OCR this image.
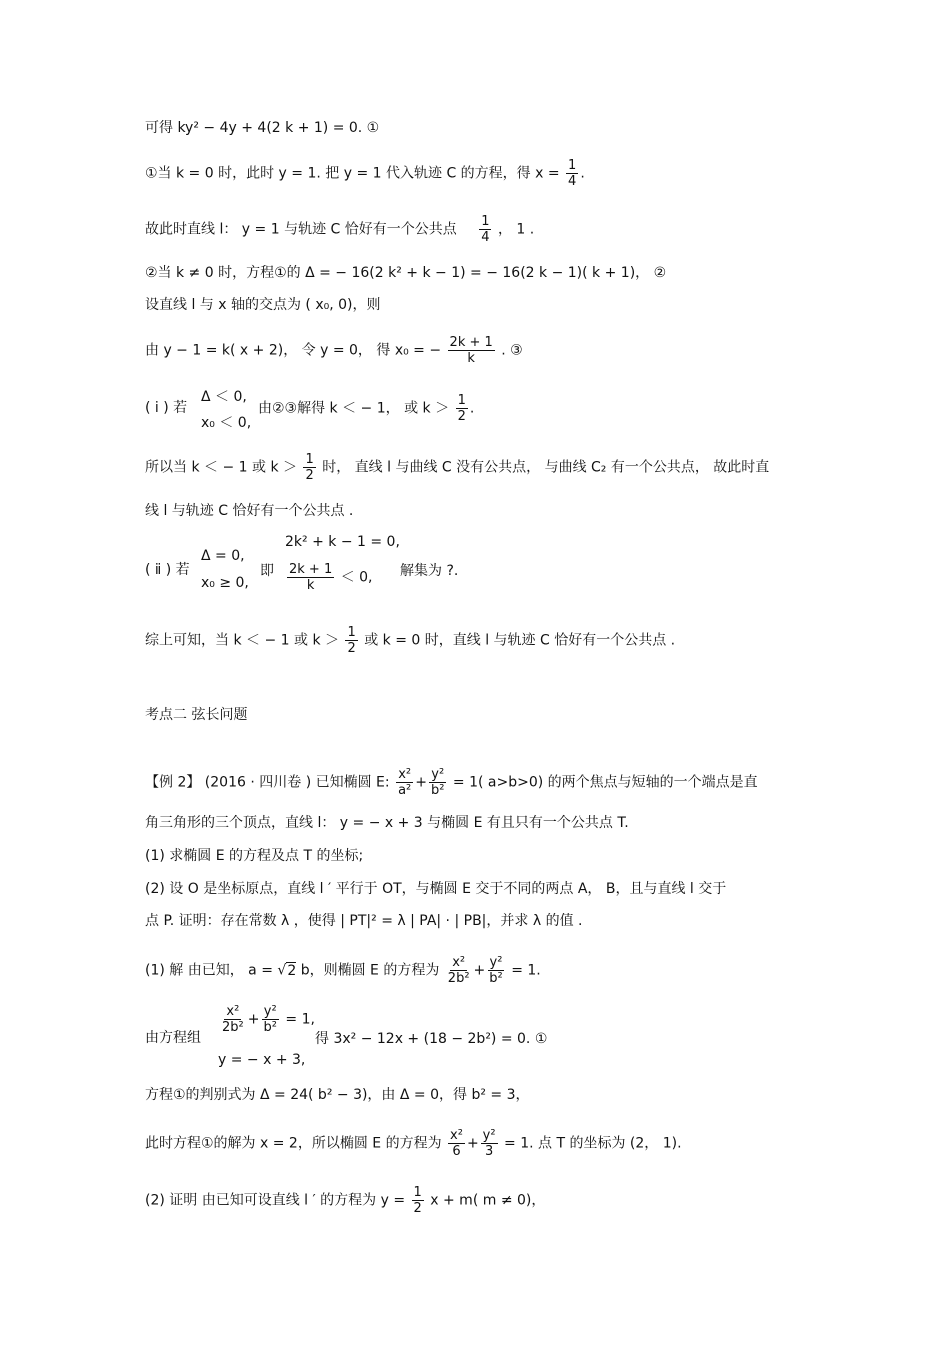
可得 ky² − 4y + 4(2 k + 1) = 0. ①
①当 k = 0 时，此时 y = 1. 把 y = 1 代入轨迹 C 的方程，得 $x = \frac{1}{4}$ .
故此时直线 l： y = 1 与轨迹 C 恰好有一个公共点 $\frac{1}{4}$ ， 1 .
②当 k ≠ 0 时，方程①的 Δ = − 16(2 k² + k − 1) = − 16(2 k − 1)( k + 1)， ②
设直线 l 与 x 轴的交点为 ( x₀, 0)，则
由 y − 1 = k( x + 2)， 令 y = 0， 得 x₀ = − $\frac{2k + 1}{k}$ . ③
( ⅰ ) 若
Δ ＜ 0,
x₀ ＜ 0,
由②③解得 k ＜ − 1， 或 $k > \frac{1}{2}$ .
所以当 k ＜ − 1 或 $k > \frac{1}{2}$ 时， 直线 l 与曲线 C 没有公共点， 与曲线 C₂ 有一个公共点， 故此时直
线 l 与轨迹 C 恰好有一个公共点 .
( ⅱ ) 若
Δ = 0,
x₀ ≥ 0,
即
2k² + k − 1 = 0,
$\frac{2k + 1}{k} < 0$, 解集为 ?.
综上可知，当 k ＜ − 1 或 $k > \frac{1}{2}$ 或 k = 0 时，直线 l 与轨迹 C 恰好有一个公共点 .
考点二 弦长问题
【例 2】 (2016 · 四川卷 ) 已知椭圆 E: $\frac{\text{x²}}{\text{a²}} + \frac{\text{y²}}{\text{b²}} = 1$( a>b>0) 的两个焦点与短轴的一个端点是直
角三角形的三个顶点，直线 l： y = − x + 3 与椭圆 E 有且只有一个公共点 T.
(1) 求椭圆 E 的方程及点 T 的坐标;
(2) 设 O 是坐标原点，直线 l ′ 平行于 OT，与椭圆 E 交于不同的两点 A， B，且与直线 l 交于
点 P. 证明：存在常数 λ ，使得 | PT|² = λ | PA| · | PB|，并求 λ 的值 .
(1) 解 由已知， a = √2 b，则椭圆 E 的方程为 $\frac{\text{x²}}{\text{2b²}} + \frac{\text{y²}}{\text{b²}} = 1$.
由方程组
$\frac{\text{x²}}{\text{2b²}} + \frac{\text{y²}}{\text{b²}} = 1$,
y = − x + 3,
得 3x² − 12x + (18 − 2b²) = 0. ①
方程①的判别式为 Δ = 24( b² − 3)，由 Δ = 0，得 b² = 3，
此时方程①的解为 x = 2，所以椭圆 E 的方程为 $\frac{\text{x²}}{6} + \frac{\text{y²}}{3} = 1$. 点 T 的坐标为 (2， 1).
(2) 证明 由已知可设直线 l ′ 的方程为 $y = \frac{1}{2}$ x + m( m ≠ 0)，
